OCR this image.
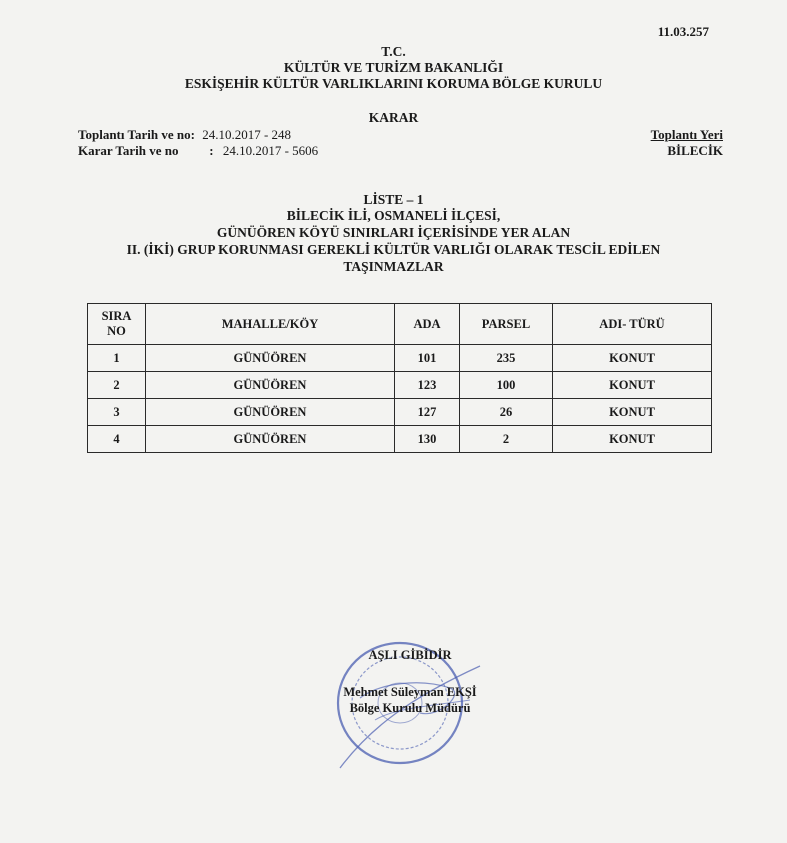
11.03.257
T.C.
KÜLTÜR VE TURİZM BAKANLIĞI
ESKİŞEHİR KÜLTÜR VARLIKLARINI KORUMA BÖLGE KURULU
KARAR
Toplantı Tarih ve no: 24.10.2017 - 248
Karar Tarih ve no : 24.10.2017 - 5606
Toplantı Yeri
BİLECİK
LİSTE – 1
BİLECİK İLİ, OSMANELİ İLÇESİ,
GÜNÜÖREN KÖYÜ SINIRLARI İÇERİSİNDE YER ALAN
II. (İKİ) GRUP KORUNMASI GEREKLİ KÜLTÜR VARLIĞI OLARAK TESCİL EDİLEN
TAŞINMAZLAR
SIRA
NO	MAHALLE/KÖY	ADA	PARSEL	ADI- TÜRÜ
1	GÜNÜÖREN	101	235	KONUT
2	GÜNÜÖREN	123	100	KONUT
3	GÜNÜÖREN	127	26	KONUT
4	GÜNÜÖREN	130	2	KONUT
AŞLI GİBİDİR
Mehmet Süleyman EKŞİ
Bölge Kurulu Müdürü
